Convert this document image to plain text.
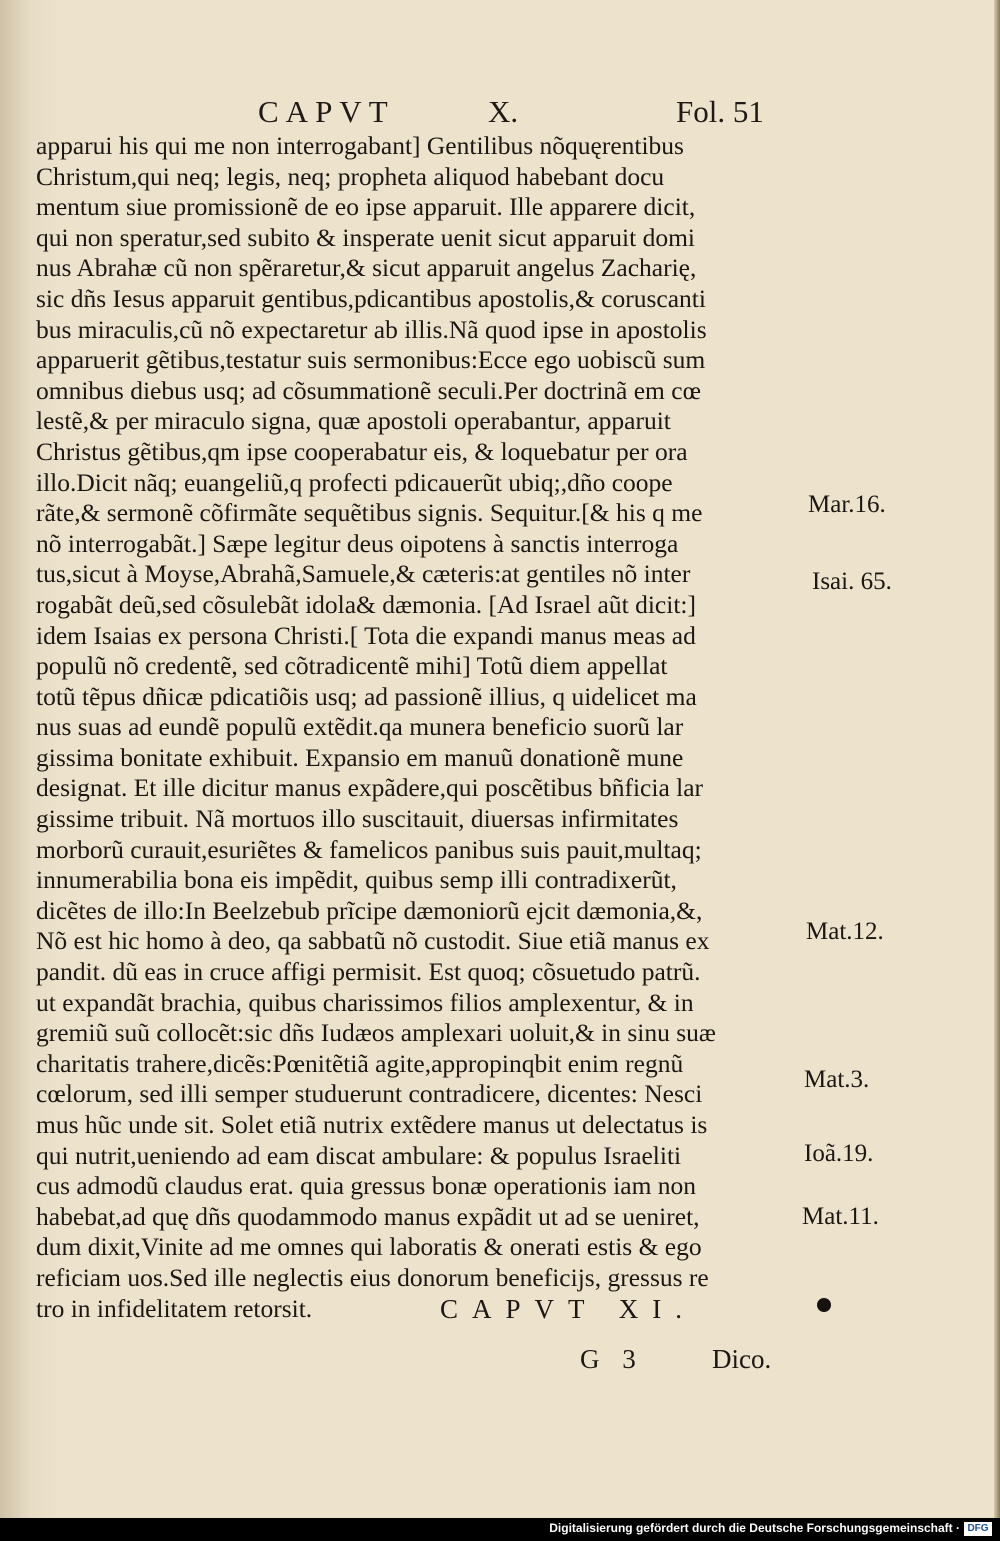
CAPVT	X.	Fol. 51
apparui his qui me non interrogabant] Gentilibus nõquęrentibus
Christum,qui neq; legis, neq; propheta aliquod habebant docu
mentum siue promissionẽ de eo ipse apparuit. Ille apparere dicit,
qui non speratur,sed subito & insperate uenit sicut apparuit domi
nus Abrahæ cũ non spẽraretur,& sicut apparuit angelus Zacharię,
sic dñs Iesus apparuit gentibus,pdicantibus apostolis,& coruscanti
bus miraculis,cũ nõ expectaretur ab illis.Nã quod ipse in apostolis
apparuerit gẽtibus,testatur suis sermonibus:Ecce ego uobiscũ sum
omnibus diebus usq; ad cõsummationẽ seculi.Per doctrinã em cœ
lestẽ,& per miraculo signa, quæ apostoli operabantur, apparuit
Christus gẽtibus,qm ipse cooperabatur eis, & loquebatur per ora
illo.Dicit nãq; euangeliũ,q profecti pdicauerũt ubiq;,dño coope
rãte,& sermonẽ cõfirmãte sequẽtibus signis. Sequitur.[& his q me
nõ interrogabãt.] Sæpe legitur deus oipotens à sanctis interroga
tus,sicut à Moyse,Abrahã,Samuele,& cæteris:at gentiles nõ inter
rogabãt deũ,sed cõsulebãt idola& dæmonia. [Ad Israel aũt dicit:]
idem Isaias ex persona Christi.[ Tota die expandi manus meas ad
populũ nõ credentẽ, sed cõtradicentẽ mihi] Totũ diem appellat
totũ tẽpus dñicæ pdicatiõis usq; ad passionẽ illius, q uidelicet ma
nus suas ad eundẽ populũ extẽdit.qa munera beneficio suorũ lar
gissima bonitate exhibuit. Expansio em manuũ donationẽ mune
designat. Et ille dicitur manus expãdere,qui poscẽtibus bñficia lar
gissime tribuit. Nã mortuos illo suscitauit, diuersas infirmitates
morborũ curauit,esuriẽtes & famelicos panibus suis pauit,multaq;
innumerabilia bona eis impẽdit, quibus semp illi contradixerũt,
dicẽtes de illo:In Beelzebub prĩcipe dæmoniorũ ejcit dæmonia,&,
Nõ est hic homo à deo, qa sabbatũ nõ custodit. Siue etiã manus ex
pandit. dũ eas in cruce affigi permisit. Est quoq; cõsuetudo patrũ.
ut expandãt brachia, quibus charissimos filios amplexentur, & in
gremiũ suũ collocẽt:sic dñs Iudæos amplexari uoluit,& in sinu suæ
charitatis trahere,dicẽs:Pœnitẽtiã agite,appropinqbit enim regnũ
cœlorum, sed illi semper studuerunt contradicere, dicentes: Nesci
mus hũc unde sit. Solet etiã nutrix extẽdere manus ut delectatus is
qui nutrit,ueniendo ad eam discat ambulare: & populus Israeliti
cus admodũ claudus erat. quia gressus bonæ operationis iam non
habebat,ad quę dñs quodammodo manus expãdit ut ad se ueniret,
dum dixit,Vinite ad me omnes qui laboratis & onerati estis & ego
reficiam uos.Sed ille neglectis eius donorum beneficijs, gressus re
tro in infidelitatem retorsit.	CAPVT XI.
G 3	Dico.
Mar.16.
Isai. 65.
Mat.12.
Mat.3.
Ioã.19.
Mat.11.
Digitalisierung gefördert durch die Deutsche Forschungsgemeinschaft · DFG
